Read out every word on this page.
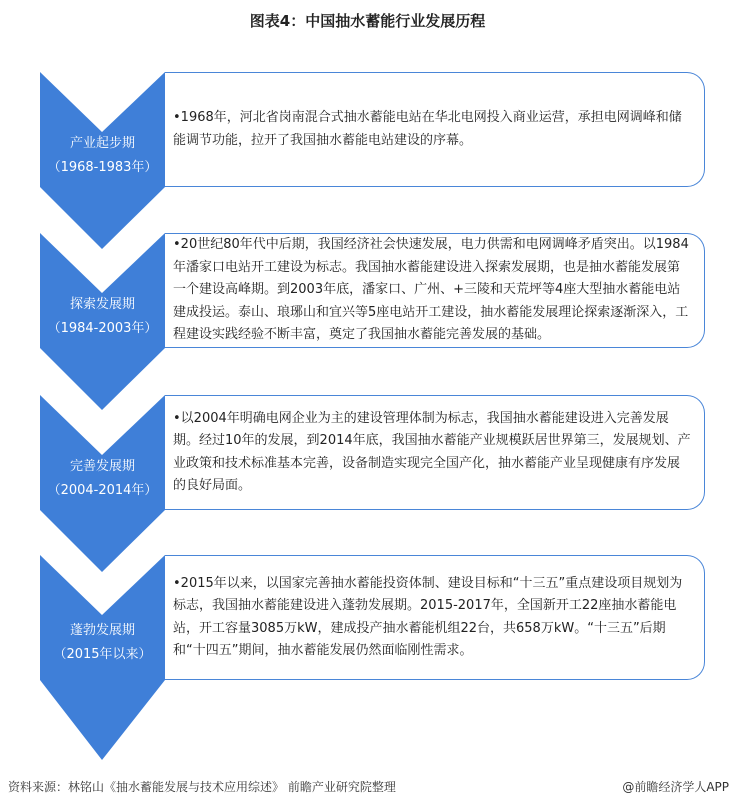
图表4：中国抽水蓄能行业发展历程
产业起步期
（1968-1983年）
•1968年，河北省岗南混合式抽水蓄能电站在华北电网投入商业运营，承担电网调峰和储能调节功能，拉开了我国抽水蓄能电站建设的序幕。
探索发展期
（1984-2003年）
•20世纪80年代中后期，我国经济社会快速发展，电力供需和电网调峰矛盾突出。以1984年潘家口电站开工建设为标志。我国抽水蓄能建设进入探索发展期，也是抽水蓄能发展第一个建设高峰期。到2003年底，潘家口、广州、+三陵和天荒坪等4座大型抽水蓄能电站建成投运。泰山、琅琊山和宜兴等5座电站开工建设，抽水蓄能发展理论探索逐渐深入，工程建设实践经验不断丰富，奠定了我国抽水蓄能完善发展的基础。
完善发展期
（2004-2014年）
•以2004年明确电网企业为主的建设管理体制为标志，我国抽水蓄能建设进入完善发展期。经过10年的发展，到2014年底，我国抽水蓄能产业规模跃居世界第三，发展规划、产业政策和技术标准基本完善，设备制造实现完全国产化，抽水蓄能产业呈现健康有序发展的良好局面。
蓬勃发展期
（2015年以来）
•2015年以来，以国家完善抽水蓄能投资体制、建设目标和“十三五”重点建设项目规划为标志，我国抽水蓄能建设进入蓬勃发展期。2015-2017年，全国新开工22座抽水蓄能电站，开工容量3085万kW，建成投产抽水蓄能机组22台，共658万kW。“十三五”后期和“十四五”期间，抽水蓄能发展仍然面临刚性需求。
资料来源：林铭山《抽水蓄能发展与技术应用综述》 前瞻产业研究院整理	@前瞻经济学人APP
